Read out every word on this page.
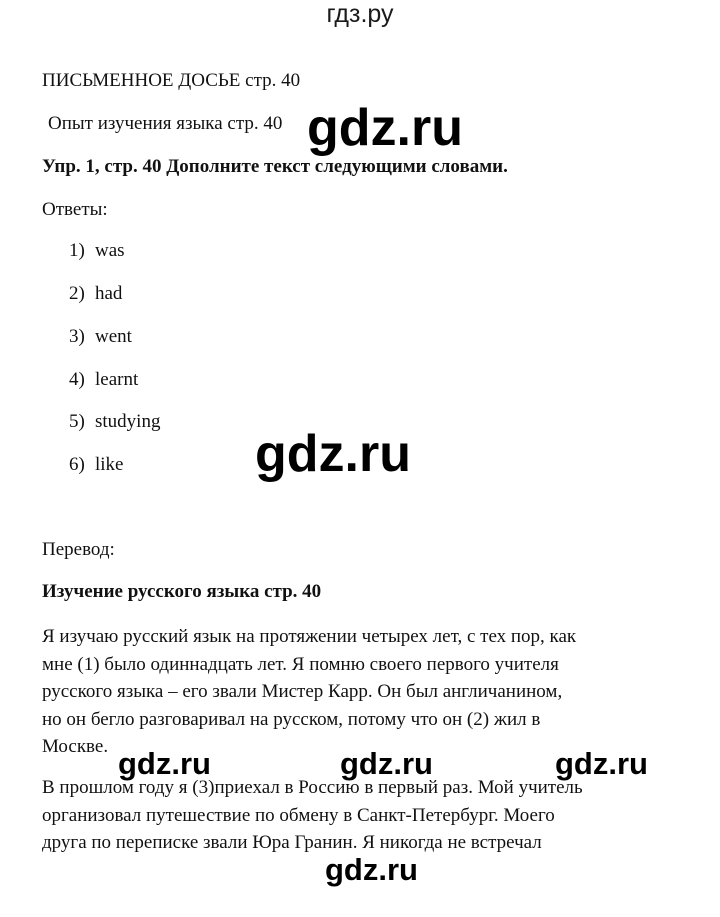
гдз.ру
ПИСЬМЕННОЕ ДОСЬЕ стр. 40
Опыт изучения языка стр. 40
Упр. 1, стр. 40 Дополните текст следующими словами.
Ответы:
1) was
2) had
3) went
4) learnt
5) studying
6) like
Перевод:
Изучение русского языка стр. 40
Я изучаю русский язык на протяжении четырех лет, с тех пор, как
мне (1) было одиннадцать лет. Я помню своего первого учителя
русского языка – его звали Мистер Карр. Он был англичанином,
но он бегло разговаривал на русском, потому что он (2) жил в
Москве.
В прошлом году я (3)приехал в Россию в первый раз. Мой учитель
организовал путешествие по обмену в Санкт-Петербург. Моего
друга по переписке звали Юра Гранин. Я никогда не встречал
gdz.ru
gdz.ru
gdz.ru	gdz.ru	gdz.ru
gdz.ru
